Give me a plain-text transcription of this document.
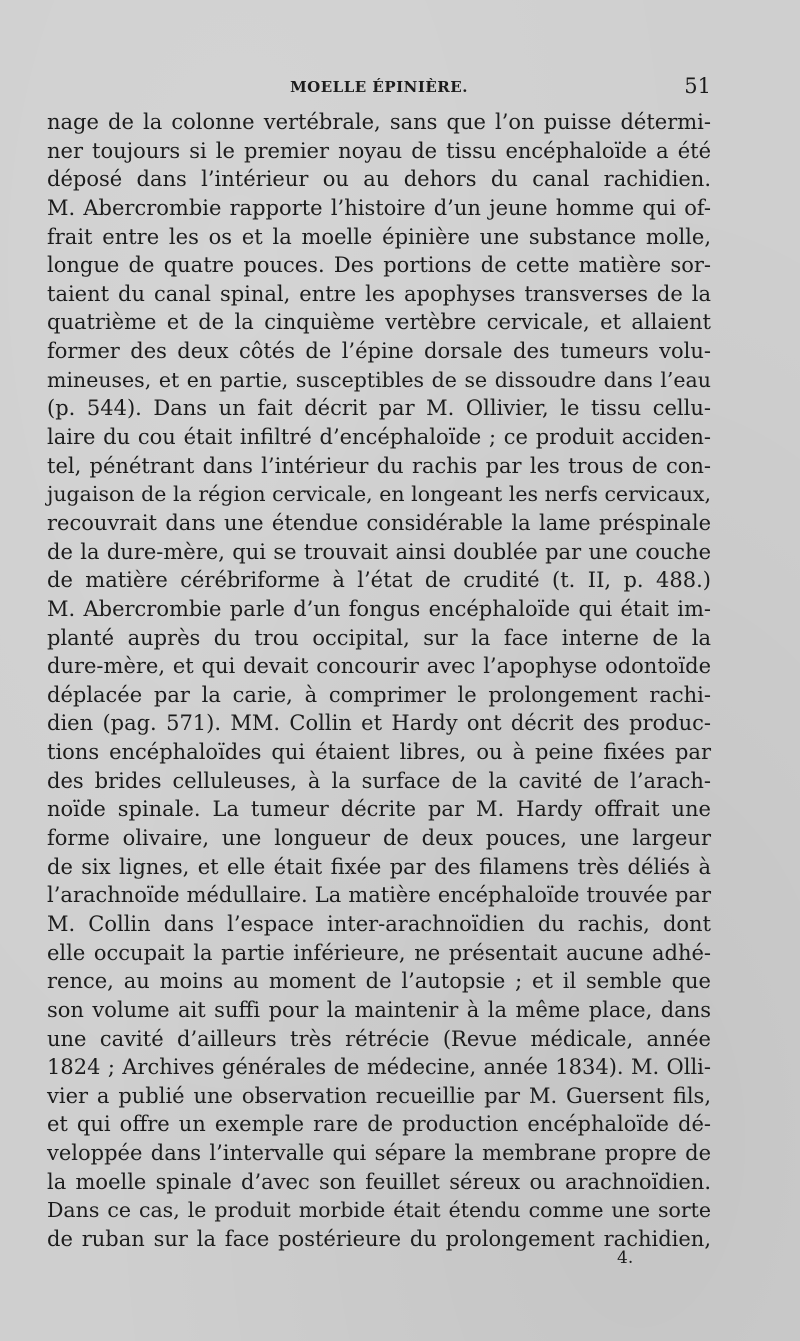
MOELLE ÉPINIÈRE.	51
nage de la colonne vertébrale, sans que l’on puisse détermi-
ner toujours si le premier noyau de tissu encéphaloïde a été
déposé dans l’intérieur ou au dehors du canal rachidien.
M. Abercrombie rapporte l’histoire d’un jeune homme qui of-
frait entre les os et la moelle épinière une substance molle,
longue de quatre pouces. Des portions de cette matière sor-
taient du canal spinal, entre les apophyses transverses de la
quatrième et de la cinquième vertèbre cervicale, et allaient
former des deux côtés de l’épine dorsale des tumeurs volu-
mineuses, et en partie, susceptibles de se dissoudre dans l’eau
(p. 544). Dans un fait décrit par M. Ollivier, le tissu cellu-
laire du cou était infiltré d’encéphaloïde ; ce produit acciden-
tel, pénétrant dans l’intérieur du rachis par les trous de con-
jugaison de la région cervicale, en longeant les nerfs cervicaux,
recouvrait dans une étendue considérable la lame préspinale
de la dure-mère, qui se trouvait ainsi doublée par une couche
de matière cérébriforme à l’état de crudité (t. II, p. 488.)
M. Abercrombie parle d’un fongus encéphaloïde qui était im-
planté auprès du trou occipital, sur la face interne de la
dure-mère, et qui devait concourir avec l’apophyse odontoïde
déplacée par la carie, à comprimer le prolongement rachi-
dien (pag. 571). MM. Collin et Hardy ont décrit des produc-
tions encéphaloïdes qui étaient libres, ou à peine fixées par
des brides celluleuses, à la surface de la cavité de l’arach-
noïde spinale. La tumeur décrite par M. Hardy offrait une
forme olivaire, une longueur de deux pouces, une largeur
de six lignes, et elle était fixée par des filamens très déliés à
l’arachnoïde médullaire. La matière encéphaloïde trouvée par
M. Collin dans l’espace inter-arachnoïdien du rachis, dont
elle occupait la partie inférieure, ne présentait aucune adhé-
rence, au moins au moment de l’autopsie ; et il semble que
son volume ait suffi pour la maintenir à la même place, dans
une cavité d’ailleurs très rétrécie (Revue médicale, année
1824 ; Archives générales de médecine, année 1834). M. Olli-
vier a publié une observation recueillie par M. Guersent fils,
et qui offre un exemple rare de production encéphaloïde dé-
veloppée dans l’intervalle qui sépare la membrane propre de
la moelle spinale d’avec son feuillet séreux ou arachnoïdien.
Dans ce cas, le produit morbide était étendu comme une sorte
de ruban sur la face postérieure du prolongement rachidien,
4.
